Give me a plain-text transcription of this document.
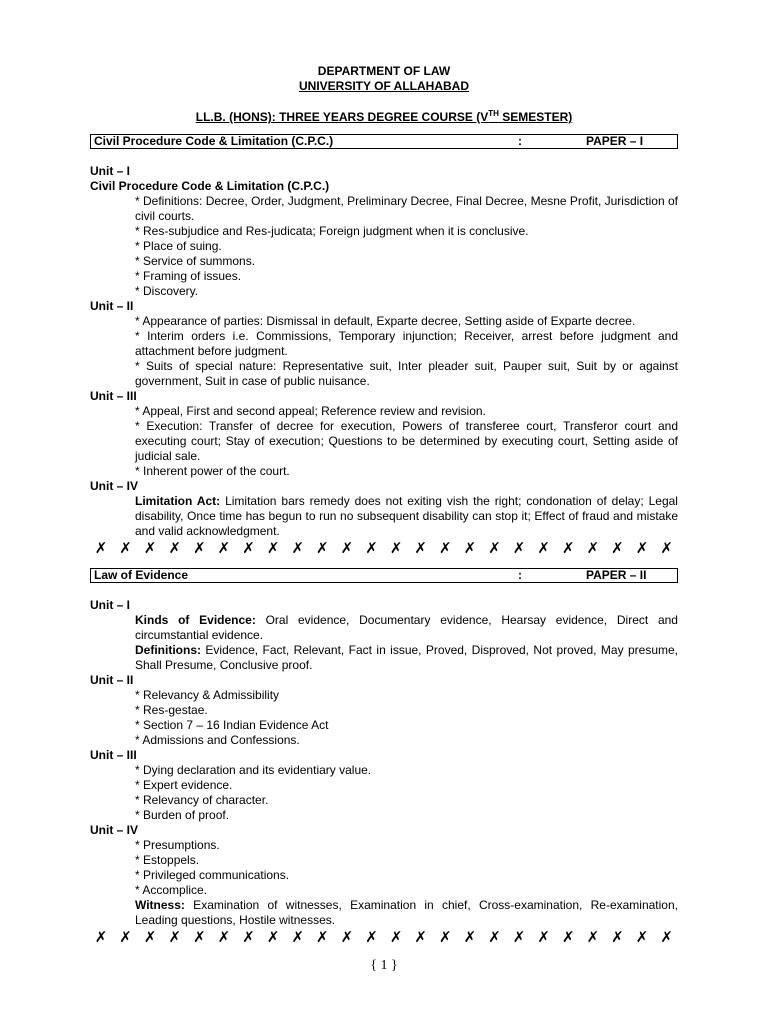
DEPARTMENT OF LAW
UNIVERSITY OF ALLAHABAD
LL.B. (HONS): THREE YEARS DEGREE COURSE (VTH SEMESTER)
Civil Procedure Code & Limitation (C.P.C.)	:	PAPER – I
Unit – I
Civil Procedure Code & Limitation (C.P.C.)
* Definitions: Decree, Order, Judgment, Preliminary Decree, Final Decree, Mesne Profit, Jurisdiction of civil courts.
* Res-subjudice and Res-judicata; Foreign judgment when it is conclusive.
* Place of suing.
* Service of summons.
* Framing of issues.
* Discovery.
Unit – II
* Appearance of parties: Dismissal in default, Exparte decree, Setting aside of Exparte decree.
* Interim orders i.e. Commissions, Temporary injunction; Receiver, arrest before judgment and attachment before judgment.
* Suits of special nature: Representative suit, Inter pleader suit, Pauper suit, Suit by or against government, Suit in case of public nuisance.
Unit – III
* Appeal, First and second appeal; Reference review and revision.
* Execution: Transfer of decree for execution, Powers of transferee court, Transferor court and executing court; Stay of execution; Questions to be determined by executing court, Setting aside of judicial sale.
* Inherent power of the court.
Unit – IV
Limitation Act: Limitation bars remedy does not exiting vish the right; condonation of delay; Legal disability, Once time has begun to run no subsequent disability can stop it; Effect of fraud and mistake and valid acknowledgment.
✗ ✗ ✗ ✗ ✗ ✗ ✗ ✗ ✗ ✗ ✗ ✗ ✗ ✗ ✗ ✗ ✗ ✗ ✗ ✗ ✗ ✗ ✗ ✗
Law of Evidence	:	PAPER – II
Unit – I
Kinds of Evidence: Oral evidence, Documentary evidence, Hearsay evidence, Direct and circumstantial evidence.
Definitions: Evidence, Fact, Relevant, Fact in issue, Proved, Disproved, Not proved, May presume, Shall Presume, Conclusive proof.
Unit – II
* Relevancy & Admissibility
* Res-gestae.
* Section 7 – 16 Indian Evidence Act
* Admissions and Confessions.
Unit – III
* Dying declaration and its evidentiary value.
* Expert evidence.
* Relevancy of character.
* Burden of proof.
Unit – IV
* Presumptions.
* Estoppels.
* Privileged communications.
* Accomplice.
Witness: Examination of witnesses, Examination in chief, Cross-examination, Re-examination, Leading questions, Hostile witnesses.
✗ ✗ ✗ ✗ ✗ ✗ ✗ ✗ ✗ ✗ ✗ ✗ ✗ ✗ ✗ ✗ ✗ ✗ ✗ ✗ ✗ ✗ ✗ ✗
{ 1 }
